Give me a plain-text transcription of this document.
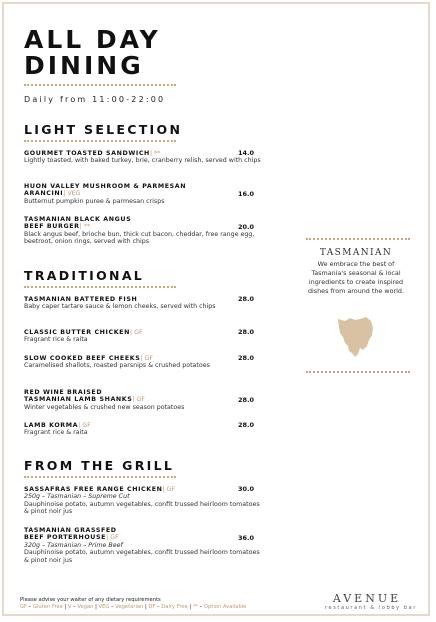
ALL DAY
DINING
Daily from 11:00-22:00
LIGHT SELECTION
GOURMET TOASTED SANDWICH| **	14.0
Lightly toasted, with baked turkey, brie, cranberry relish, served with chips
HUON VALLEY MUSHROOM & PARMESAN
ARANCINI| VEG	16.0
Butternut pumpkin puree & parmesan crisps
TASMANIAN BLACK ANGUS
BEEF BURGER| **	20.0
Black angus beef, brioche bun, thick cut bacon, cheddar, free range egg, beetroot, onion rings, served with chips
TRADITIONAL
TASMANIAN BATTERED FISH	28.0
Baby caper tartare sauce & lemon cheeks, served with chips
CLASSIC BUTTER CHICKEN| GF	28.0
Fragrant rice & raita
SLOW COOKED BEEF CHEEKS| GF	28.0
Caramelised shallots, roasted parsnips & crushed potatoes
RED WINE BRAISED
TASMANIAN LAMB SHANKS| GF	28.0
Winter vegetables & crushed new season potatoes
LAMB KORMA| GF	28.0
Fragrant rice & raita
FROM THE GRILL
SASSAFRAS FREE RANGE CHICKEN| GF	30.0
250g – Tasmanian – Supreme Cut
Dauphinoise potato, autumn vegetables, confit trussed heirloom tomatoes & pinot noir jus
TASMANIAN GRASSFED
BEEF PORTERHOUSE| GF	36.0
320g – Tasmanian – Prime Beef
Dauphinoise potato, autumn vegetables, confit trussed heirloom tomatoes & pinot noir jus
TASMANIAN
We embrace the best of Tasmania's seasonal & local ingredients to create inspired dishes from around the world.
Please advise your waiter of any dietary requirements
GF – Gluten Free | V – Vegan | VEG – Vegetarian | DF – Dairy Free | ** – Option Available
AVENUE
restaurant & lobby bar
